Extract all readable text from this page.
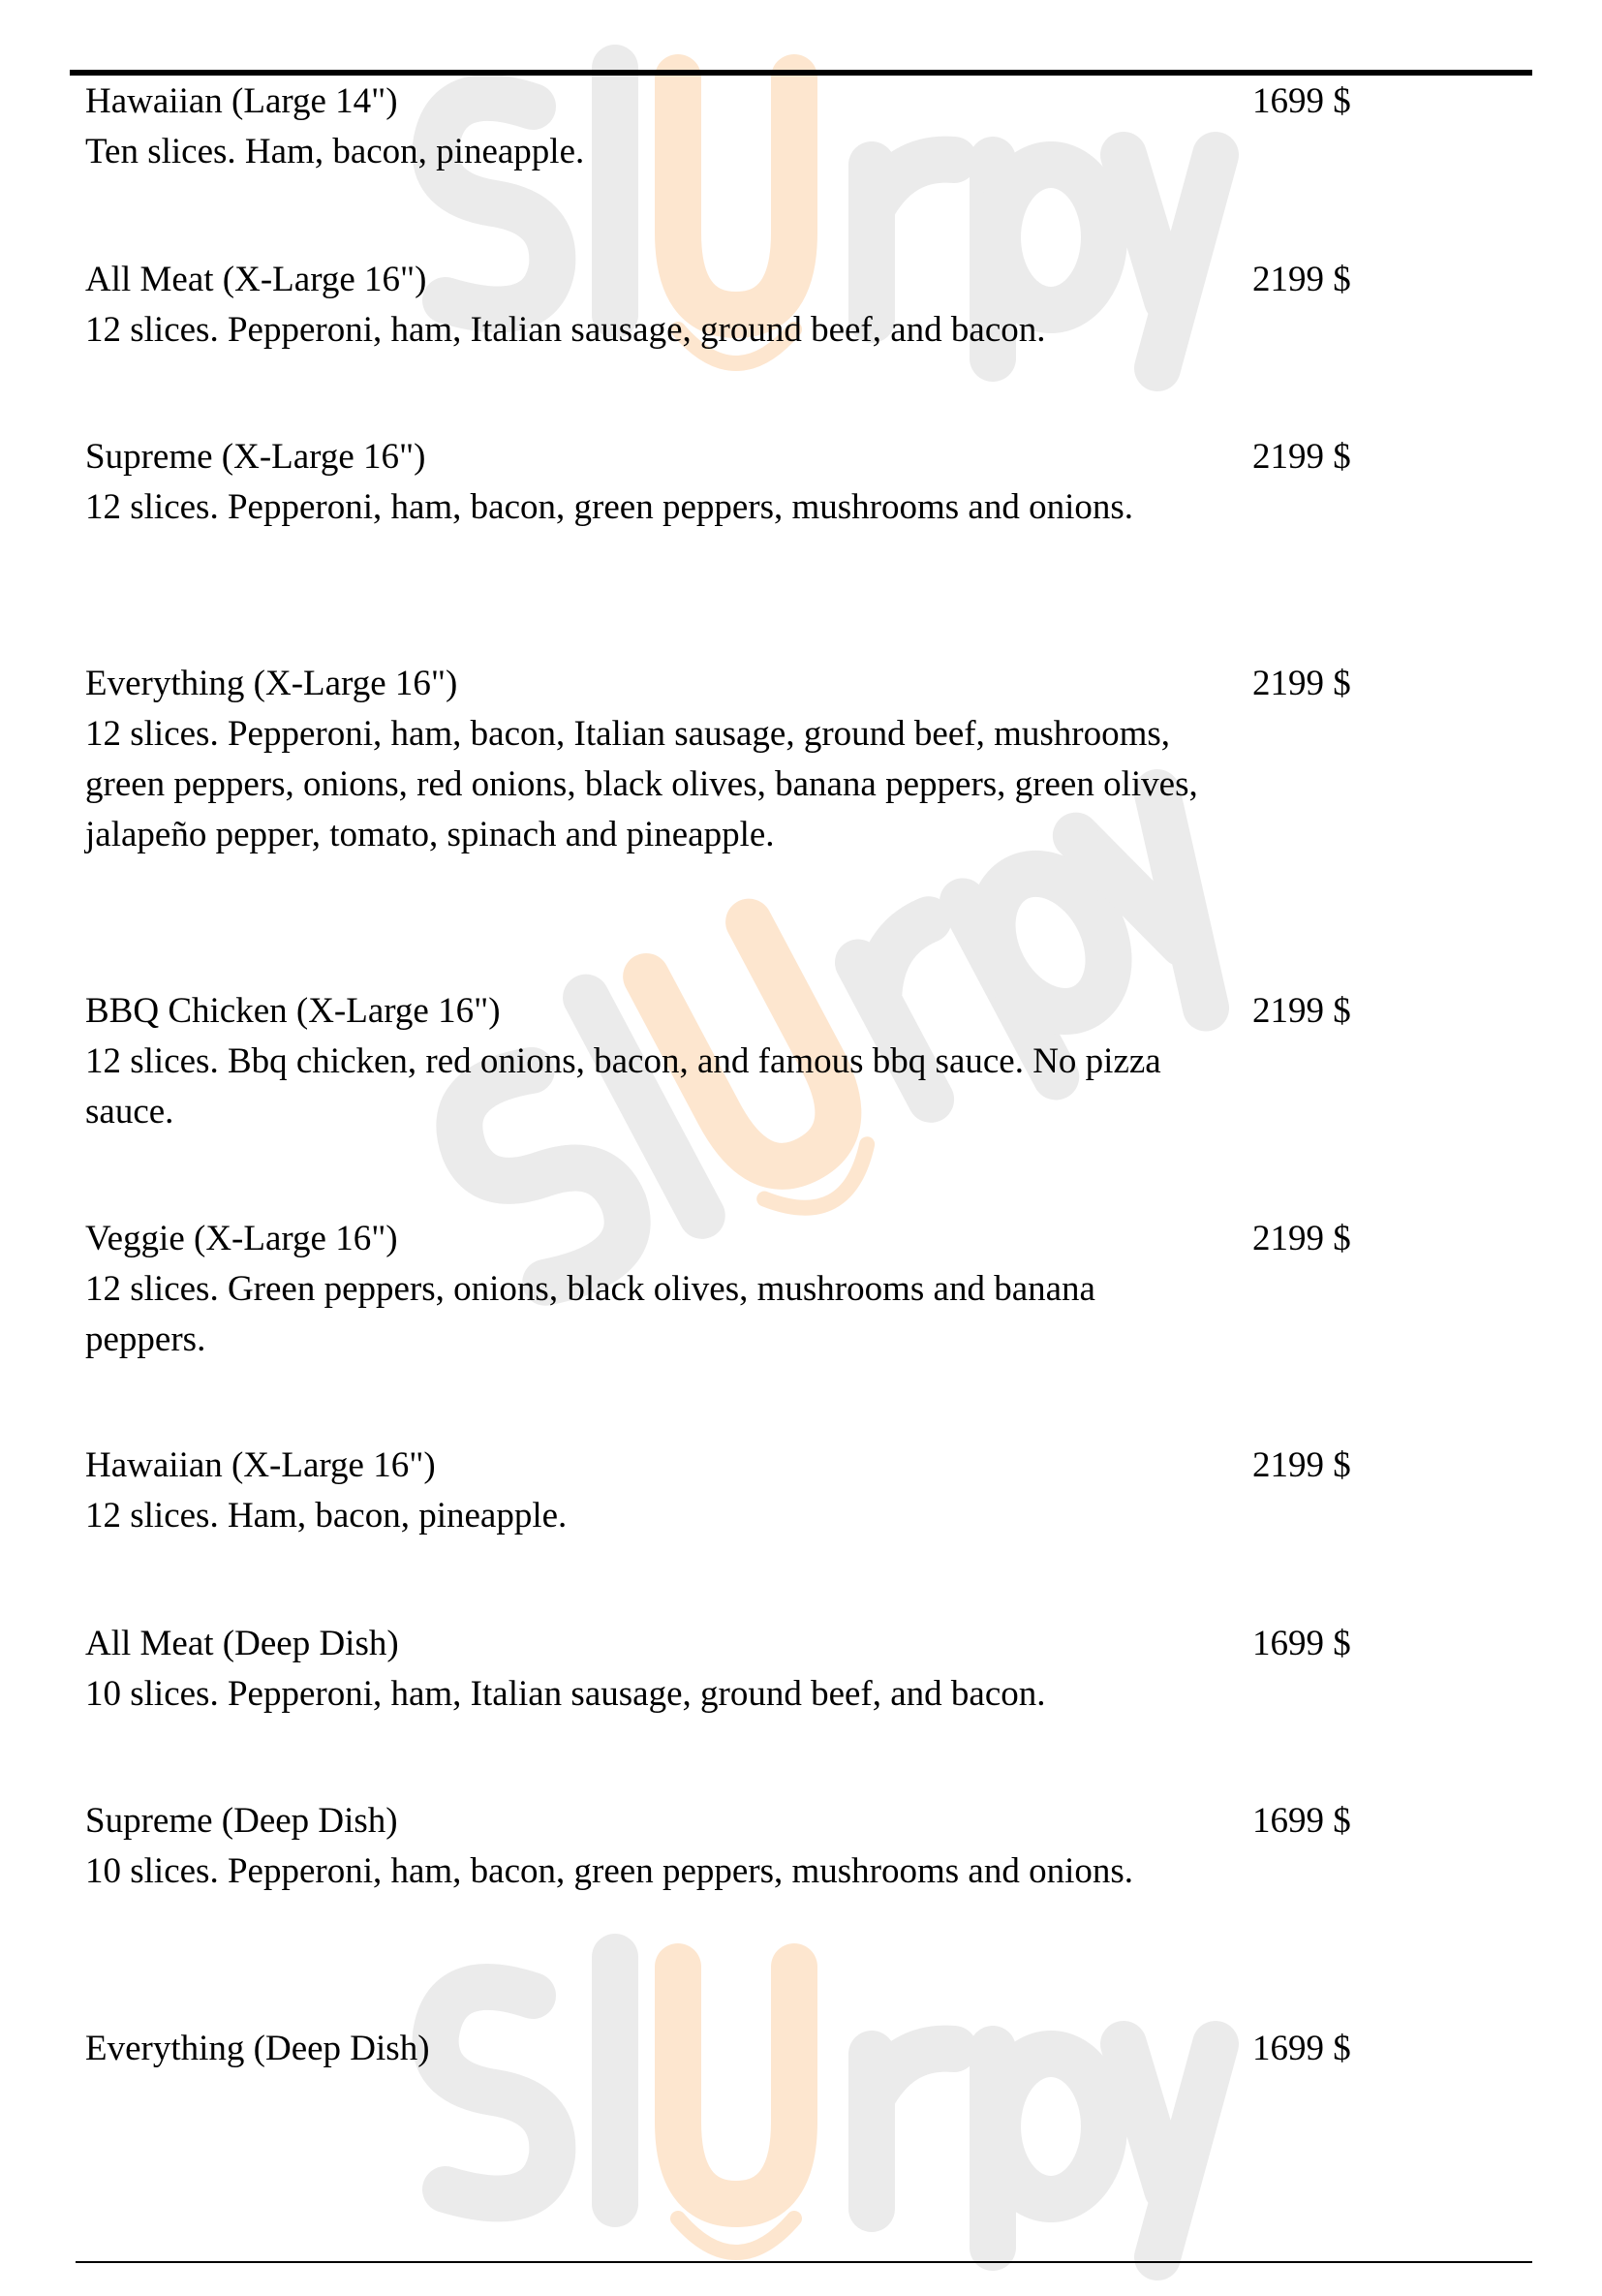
Hawaiian (Large 14")
Ten slices. Ham, bacon, pineapple.
1699 $
All Meat (X-Large 16")
12 slices. Pepperoni, ham, Italian sausage, ground beef, and bacon.
2199 $
Supreme (X-Large 16")
12 slices. Pepperoni, ham, bacon, green peppers, mushrooms and onions.
2199 $
Everything (X-Large 16")
12 slices. Pepperoni, ham, bacon, Italian sausage, ground beef, mushrooms, green peppers, onions, red onions, black olives, banana peppers, green olives, jalapeño pepper, tomato, spinach and pineapple.
2199 $
BBQ Chicken (X-Large 16")
12 slices. Bbq chicken, red onions, bacon, and famous bbq sauce. No pizza sauce.
2199 $
Veggie (X-Large 16")
12 slices. Green peppers, onions, black olives, mushrooms and banana peppers.
2199 $
Hawaiian (X-Large 16")
12 slices. Ham, bacon, pineapple.
2199 $
All Meat (Deep Dish)
10 slices. Pepperoni, ham, Italian sausage, ground beef, and bacon.
1699 $
Supreme (Deep Dish)
10 slices. Pepperoni, ham, bacon, green peppers, mushrooms and onions.
1699 $
Everything (Deep Dish)	1699 $
